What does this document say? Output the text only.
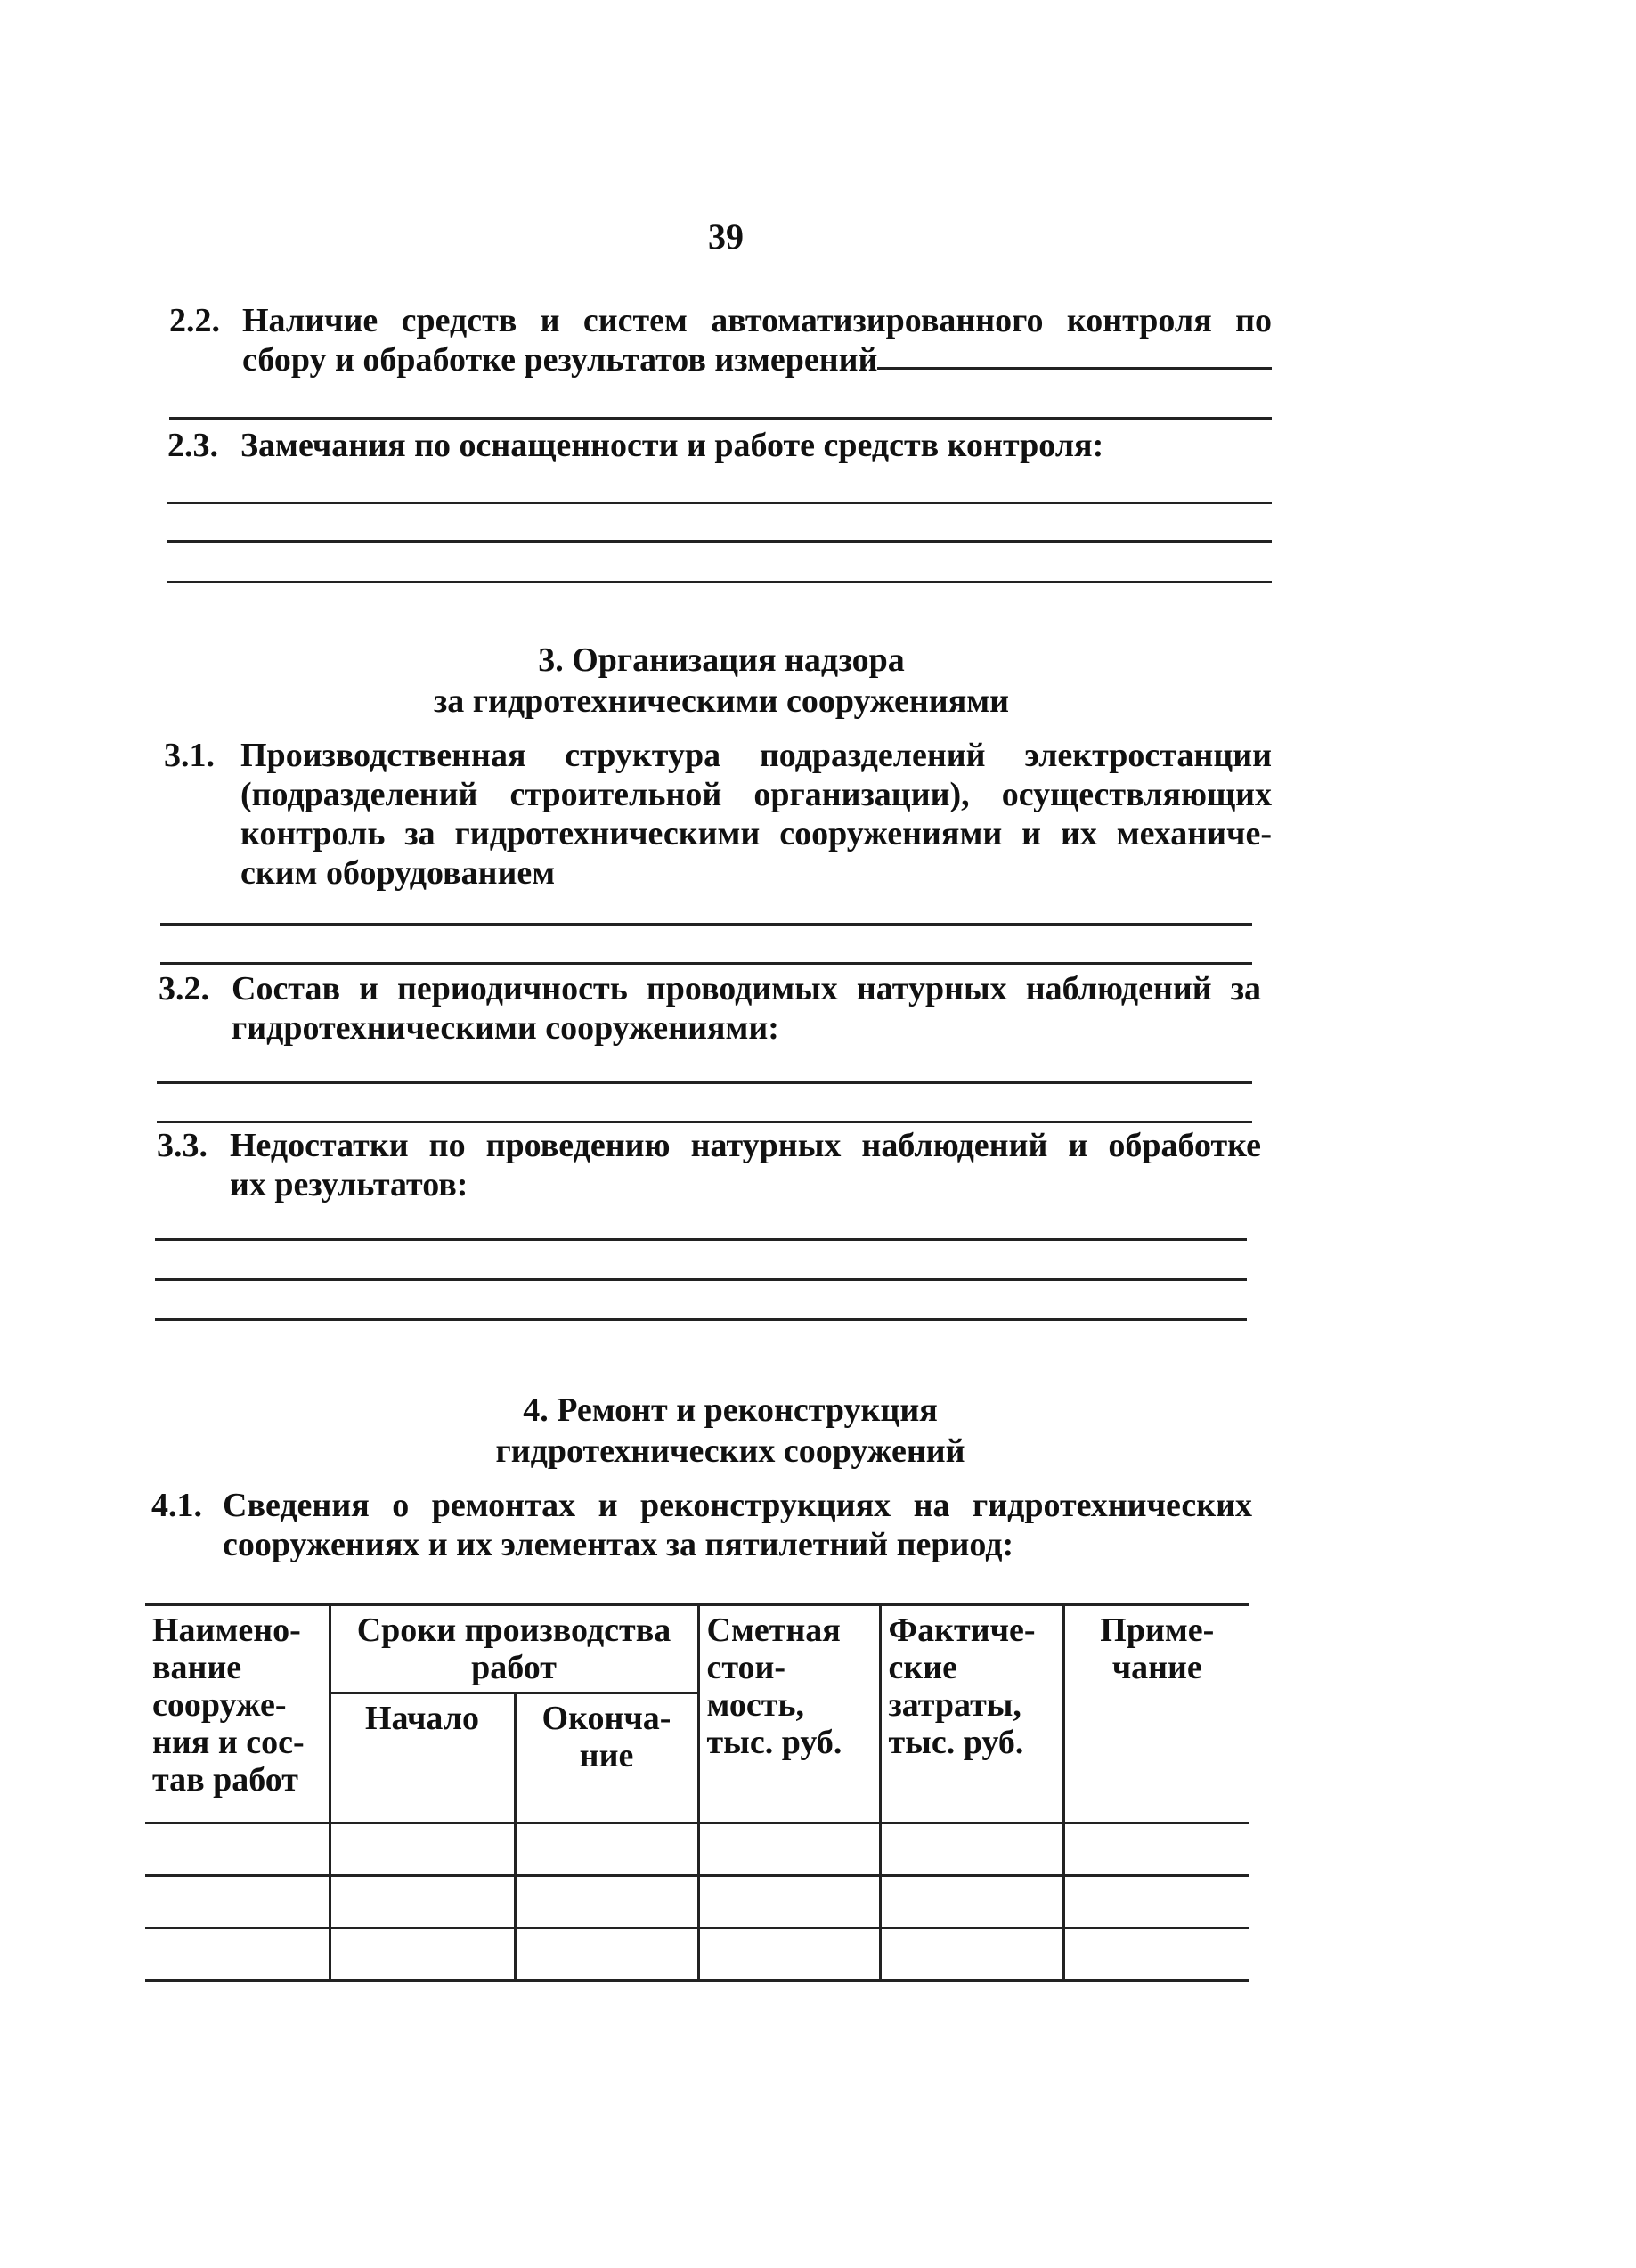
39
2.2. Наличие средств и систем автоматизированного контроля по
сбору и обработке результатов измерений
2.3. Замечания по оснащенности и работе средств контроля:
3. Организация надзора
за гидротехническими сооружениями
3.1. Производственная структура подразделений электростанции
(подразделений строительной организации), осуществляющих
контроль за гидротехническими сооружениями и их механиче-
ским оборудованием
3.2. Состав и периодичность проводимых натурных наблюдений за
гидротехническими сооружениями:
3.3. Недостатки по проведению натурных наблюдений и обработке
их результатов:
4. Ремонт и реконструкция
гидротехнических сооружений
4.1. Сведения о ремонтах и реконструкциях на гидротехнических
сооружениях и их элементах за пятилетний период:
Наимено- вание сооруже- ния и сос- тав работ	Сроки производства работ		Сметная стои- мость, тыс. руб.	Фактиче- ские затраты, тыс. руб.	Приме- чание
	Начало	Оконча- ние			
